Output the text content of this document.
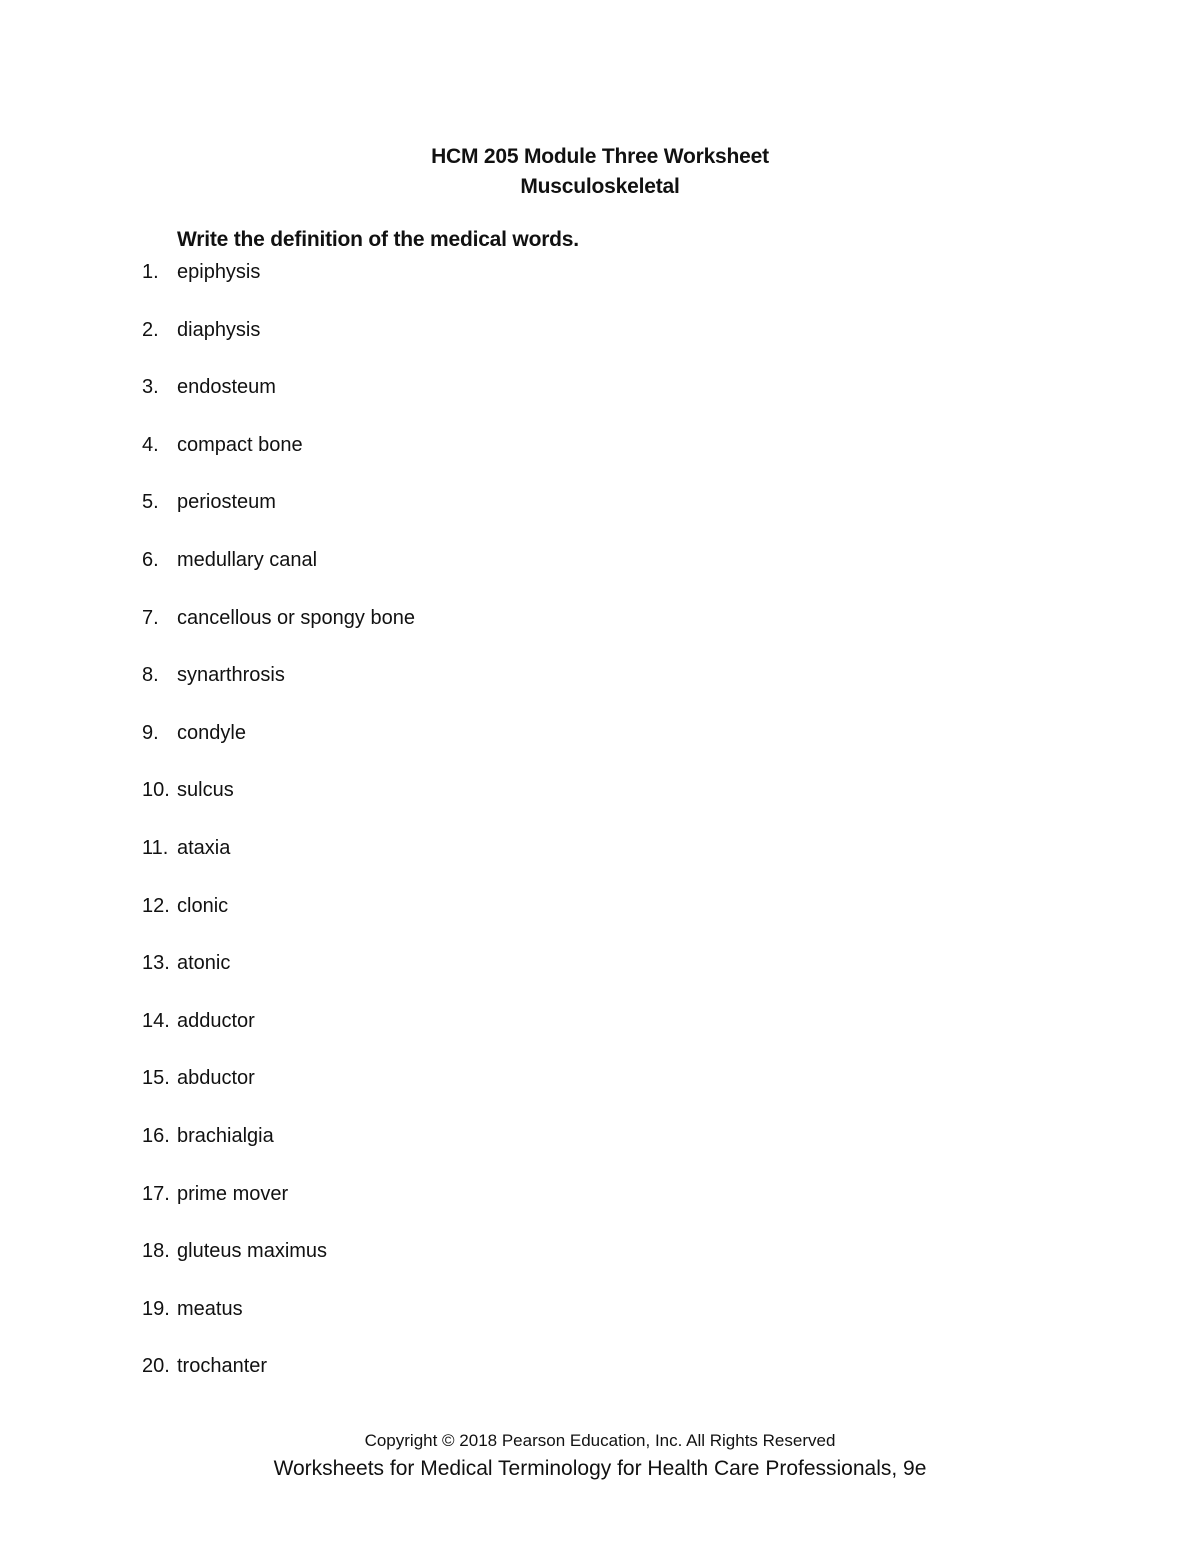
HCM 205 Module Three Worksheet
Musculoskeletal
Write the definition of the medical words.
1. epiphysis
2. diaphysis
3. endosteum
4. compact bone
5. periosteum
6. medullary canal
7. cancellous or spongy bone
8. synarthrosis
9. condyle
10. sulcus
11. ataxia
12. clonic
13. atonic
14. adductor
15. abductor
16. brachialgia
17. prime mover
18. gluteus maximus
19. meatus
20. trochanter
Copyright © 2018 Pearson Education, Inc. All Rights Reserved
Worksheets for Medical Terminology for Health Care Professionals, 9e
